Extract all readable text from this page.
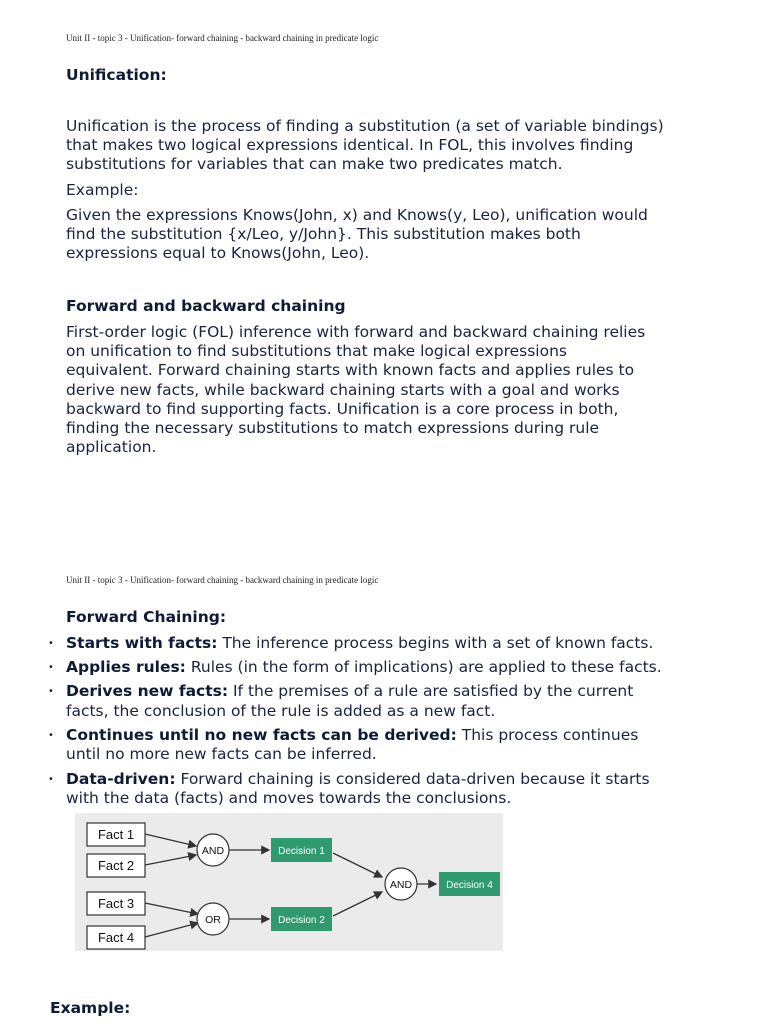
Unit II - topic 3 - Unification- forward chaining - backward chaining in predicate logic
Unification:

Unification is the process of finding a substitution (a set of variable bindings)
that makes two logical expressions identical. In FOL, this involves finding
substitutions for variables that can make two predicates match.

Example:

Given the expressions Knows(John, x) and Knows(y, Leo), unification would
find the substitution {x/Leo, y/John}. This substitution makes both
expressions equal to Knows(John, Leo).

Forward and backward chaining

First-order logic (FOL) inference with forward and backward chaining relies
on unification to find substitutions that make logical expressions
equivalent. Forward chaining starts with known facts and applies rules to
derive new facts, while backward chaining starts with a goal and works
backward to find supporting facts. Unification is a core process in both,
finding the necessary substitutions to match expressions during rule
application.

Unit II - topic 3 - Unification- forward chaining - backward chaining in predicate logic
Forward Chaining:
• Starts with facts: The inference process begins with a set of known facts.
• Applies rules: Rules (in the form of implications) are applied to these facts.
• Derives new facts: If the premises of a rule are satisfied by the current
facts, the conclusion of the rule is added as a new fact.
• Continues until no new facts can be derived: This process continues
until no more new facts can be inferred.
• Data-driven: Forward chaining is considered data-driven because it starts
with the data (facts) and moves towards the conclusions.
Fact 1
Fact 2
Fact 3
Fact 4
AND
OR
AND
Decision 1
Decision 2
Decision 4
Example:
